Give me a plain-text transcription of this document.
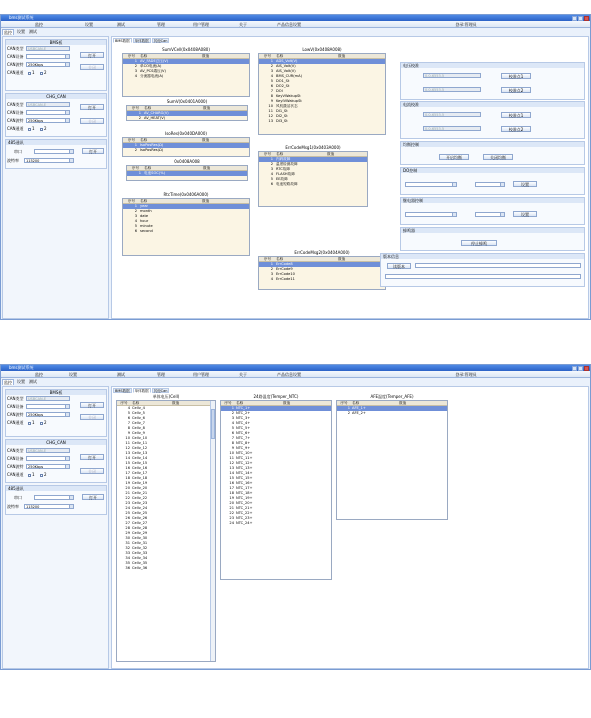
bms测试系统
监控	设置	测试	管理	用户管理	关于	产品信息设置	登录:管理员
监控	设置 测试
BMS板
CAN类型	USBCAN-E
CAN设备	打开
CAN波特	250Kbps	关闭
CAN通道	1	2
CHG_CAN
CAN类型	USBCAN-E	打开
CAN设备
CAN波特	250Kbps	关闭
CAN通道	1	2
485通讯
串口	打开
波特率	115200
BMS数据	单体数据	其他Can
SumVCell(0x0408A080)
序号	名称	数值
1 AV_FADE总压(V)
2 单CO电流(A)
3 AV_PCS端压(V)
4 分流器电流(A)
SumV(0x0401A000)
序号	名称	数值
1 AV_CHARG(V)
2 AV_HEAT(V)
IsoRes(0x040DA000)
序号	名称	数值
1 IsoPosRes(Ω)
2 IsoPosRes(Ω)
0x0408A008
序号	名称	数值
1 电池SOC(%)
RtcTime(0x0406A000)
序号	名称	数值
1 year
2 month
3 date
4 hour
5 minute
6 second
LowV(0x0408A008)
序号	名称	数值
1 ADS_Volt(V)
2 AIS_Volt(V)
3 AIS_Volt(V)
4 BMS_CUR(mA)
5 DO1_St
6 DO2_St
7 DOI
8 KeyVWakupSt
9 KeyIVWakupSt
10 风机激活状态
11 DI1_St
12 DI2_St
13 DI3_St
ErrCodeMsg1(0x0403A000)
序号	名称	数值
1 内码故障
2 温度检测故障
3 RTC故障
4 FLASH故障
5 EE故障
6 电池短路故障
ErrCodeMsg2(0x0404A000)
序号	名称	数值
1 ErrCode8
2 ErrCode9
3 ErrCode10
4 ErrCode11
电压校准
0.0-6553.5	校准点1
0.0-6553.5	校准点2
电流校准
0.0-6553.5	校准点1
0.0-6553.5	校准点2
均衡控制
开启均衡	关闭均衡
DO控制
设置
继电器控制
设置
蜂鸣器
停止蜂鸣
版本信息
读版本
bms测试系统
监控	设置	测试	管理	用户管理	关于	产品信息设置	登录:管理员
监控	设置 测试
BMS板
CAN类型	USBCAN-E
打开
CAN设备
CAN波特	250Kbps	关闭
CAN通道	1	2
CHG_CAN
CAN类型	USBCAN-E
打开
CAN设备
CAN波特	250Kbps
关闭
CAN通道	1	2
485通讯
串口	打开
波特率	115200
BMS数据	单体数据	其他Can
单体电压(Cell)
序号	名称	数值
4 Cellv_4
5 Cellv_5
6 Cellv_6
7 Cellv_7
8 Cellv_8
9 Cellv_9
10 Cellv_10
11 Cellv_11
12 Cellv_12
13 Cellv_13
14 Cellv_14
15 Cellv_15
16 Cellv_16
17 Cellv_17
18 Cellv_18
19 Cellv_19
20 Cellv_20
21 Cellv_21
22 Cellv_22
23 Cellv_23
24 Cellv_24
25 Cellv_25
26 Cellv_26
27 Cellv_27
28 Cellv_28
29 Cellv_29
30 Cellv_30
31 Cellv_31
32 Cellv_32
33 Cellv_33
34 Cellv_34
35 Cellv_35
36 Cellv_36
24路温度(Temper_NTC)
序号	名称	数值
1 NTC_1+
2 NTC_2+
3 NTC_3+
4 NTC_4+
5 NTC_5+
6 NTC_6+
7 NTC_7+
8 NTC_8+
9 NTC_9+
10 NTC_10+
11 NTC_11+
12 NTC_12+
13 NTC_13+
14 NTC_14+
15 NTC_15+
16 NTC_16+
17 NTC_17+
18 NTC_18+
19 NTC_19+
20 NTC_20+
21 NTC_21+
22 NTC_22+
23 NTC_23+
24 NTC_24+
AFE温度(Temper_AFE)
序号	名称	数值
1 AFE_1+
2 AFE_2+
